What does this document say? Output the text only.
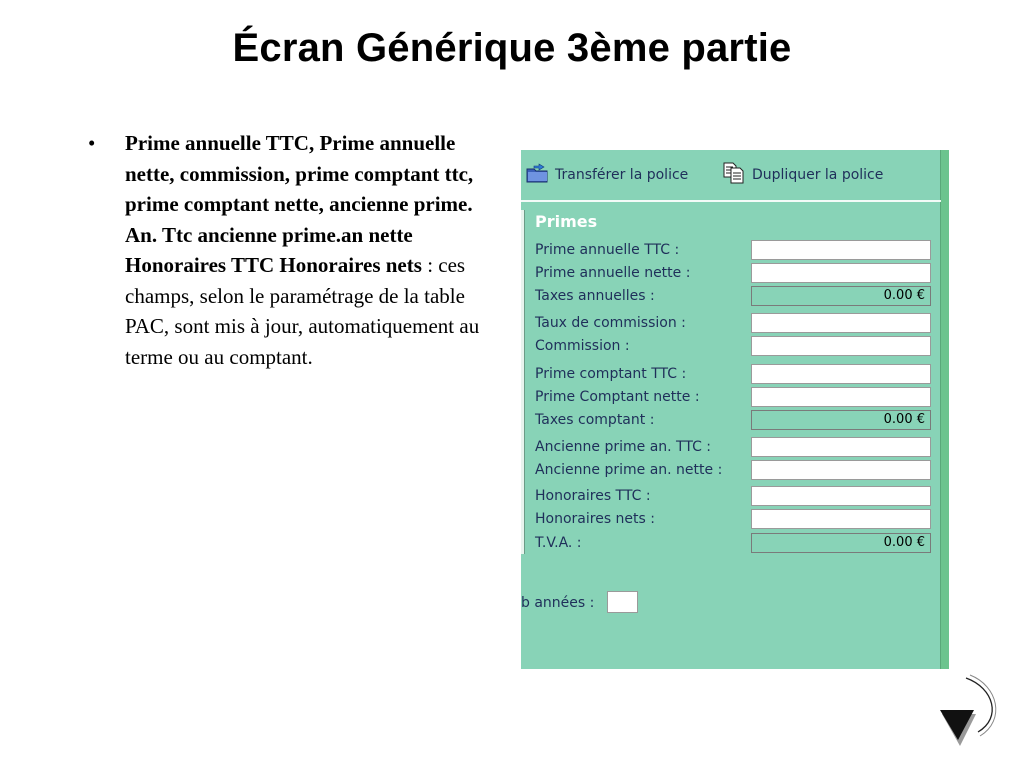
Écran Générique 3ème partie
• Prime annuelle TTC, Prime annuelle nette, commission, prime comptant ttc, prime comptant nette, ancienne prime. An. Ttc ancienne prime.an nette Honoraires TTC Honoraires nets : ces champs, selon le paramétrage de la table PAC, sont mis à jour, automatiquement au terme ou au comptant.
Transférer la police	Dupliquer la police
Primes
Prime annuelle TTC :
Prime annuelle nette :
Taxes annuelles :	0.00 €
Taux de commission :
Commission :
Prime comptant TTC :
Prime Comptant nette :
Taxes comptant :	0.00 €
Ancienne prime an. TTC :
Ancienne prime an. nette :
Honoraires TTC :
Honoraires nets :
T.V.A. :	0.00 €
b années :
